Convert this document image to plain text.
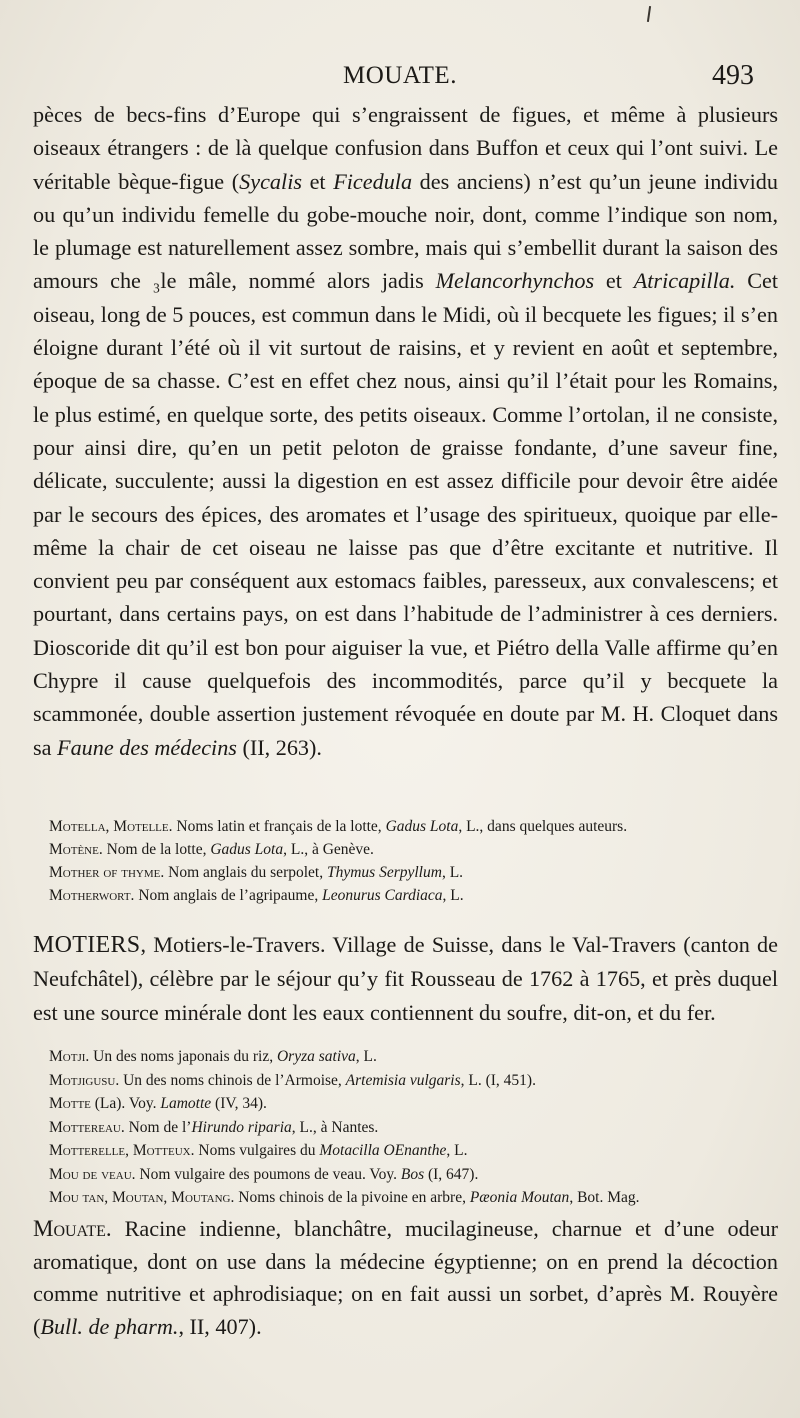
MOUATE.	493

pèces de becs-fins d’Europe qui s’engraissent de figues, et même à plusieurs oiseaux étrangers : de là quelque confusion dans Buffon et ceux qui l’ont suivi. Le véritable bèque-figue (Sycalis et Ficedula des anciens) n’est qu’un jeune individu ou qu’un individu femelle du gobe-mouche noir, dont, comme l’indique son nom, le plumage est naturellement assez sombre, mais qui s’embellit durant la saison des amours che ₃le mâle, nommé alors jadis Melancorhynchos et Atricapilla. Cet oiseau, long de 5 pouces, est commun dans le Midi, où il becquete les figues; il s’en éloigne durant l’été où il vit surtout de raisins, et y revient en août et septembre, époque de sa chasse. C’est en effet chez nous, ainsi qu’il l’était pour les Romains, le plus estimé, en quelque sorte, des petits oiseaux. Comme l’ortolan, il ne consiste, pour ainsi dire, qu’en un petit peloton de graisse fondante, d’une saveur fine, délicate, succulente; aussi la digestion en est assez difficile pour devoir être aidée par le secours des épices, des aromates et l’usage des spiritueux, quoique par elle-même la chair de cet oiseau ne laisse pas que d’être excitante et nutritive. Il convient peu par conséquent aux estomacs faibles, paresseux, aux convalescens; et pourtant, dans certains pays, on est dans l’habitude de l’administrer à ces derniers. Dioscoride dit qu’il est bon pour aiguiser la vue, et Piétro della Valle affirme qu’en Chypre il cause quelquefois des incommodités, parce qu’il y becquete la scammonée, double assertion justement révoquée en doute par M. H. Cloquet dans sa Faune des médecins (II, 263).

Motella, Motelle. Noms latin et français de la lotte, Gadus Lota, L., dans quelques auteurs.

Motène. Nom de la lotte, Gadus Lota, L., à Genève.

Mother of thyme. Nom anglais du serpolet, Thymus Serpyllum, L.

Motherwort. Nom anglais de l’agripaume, Leonurus Cardiaca, L.

MOTIERS, Motiers-le-Travers. Village de Suisse, dans le Val-Travers (canton de Neufchâtel), célèbre par le séjour qu’y fit Rousseau de 1762 à 1765, et près duquel est une source minérale dont les eaux contiennent du soufre, dit-on, et du fer.

Motji. Un des noms japonais du riz, Oryza sativa, L.

Motjigusu. Un des noms chinois de l’Armoise, Artemisia vulgaris, L. (I, 451).

Motte (La). Voy. Lamotte (IV, 34).

Mottereau. Nom de l’Hirundo riparia, L., à Nantes.

Motterelle, Motteux. Noms vulgaires du Motacilla OEnanthe, L.

Mou de veau. Nom vulgaire des poumons de veau. Voy. Bos (I, 647).

Mou tan, Moutan, Moutang. Noms chinois de la pivoine en arbre, Pæonia Moutan, Bot. Mag.

Mouate. Racine indienne, blanchâtre, mucilagineuse, charnue et d’une odeur aromatique, dont on use dans la médecine égyptienne; on en prend la décoction comme nutritive et aphrodisiaque; on en fait aussi un sorbet, d’après M. Rouyère (Bull. de pharm., II, 407).
